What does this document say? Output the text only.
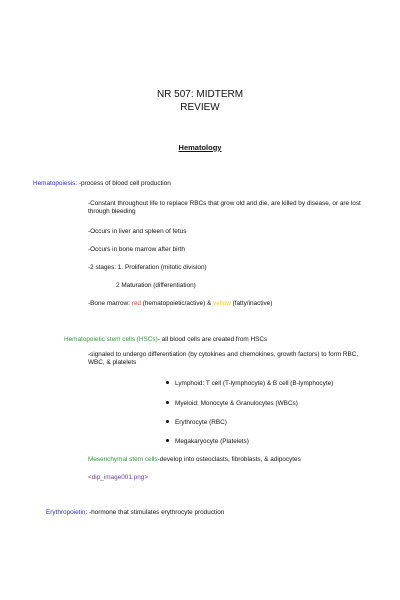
NR 507: MIDTERM
REVIEW
Hematology
Hematopoiesis: -process of blood cell production
-Constant throughout life to replace RBCs that grow old and die, are killed by disease, or are lost through bleeding
-Occurs in liver and spleen of fetus
-Occurs in bone marrow after birth
-2 stages: 1. Proliferation (mitotic division)
2 Maturation (differentiation)
-Bone marrow: red (hematopoietic/active) & yellow (fatty/inactive)
Hematopoietic stem cells (HSCs)- all blood cells are created from HSCs
-signaled to undergo differentiation (by cytokines and chemokines, growth factors) to form RBC, WBC, & platelets
Lymphoid: T cell (T-lymphocyte) & B cell (B-lymphocyte)
Myeloid: Monocyte & Granulocytes (WBCs)
Erythrocyte (RBC)
Megakaryocyte (Platelets)
Mesenchymal stem cells-develop into osteoclasts, fibroblasts, & adipocytes
<dip_image001.png>
Erythropoietin: -hormone that stimulates erythrocyte production
